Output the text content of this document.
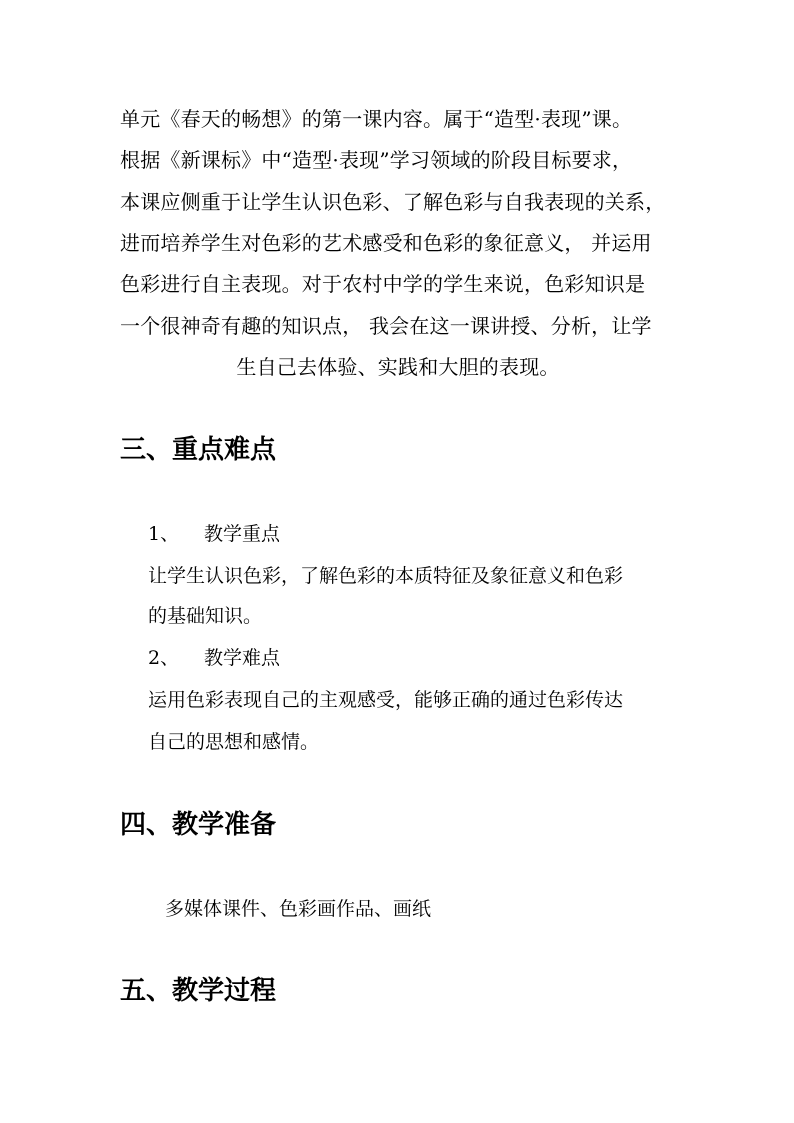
单元《春天的畅想》的第一课内容。属于“造型·表现”课。
根据《新课标》中“造型·表现”学习领域的阶段目标要求，
本课应侧重于让学生认识色彩、了解色彩与自我表现的关系，
进而培养学生对色彩的艺术感受和色彩的象征意义， 并运用
色彩进行自主表现。对于农村中学的学生来说，色彩知识是
一个很神奇有趣的知识点， 我会在这一课讲授、分析，让学
生自己去体验、实践和大胆的表现。
三、重点难点
1、 教学重点
让学生认识色彩，了解色彩的本质特征及象征意义和色彩
的基础知识。
2、 教学难点
运用色彩表现自己的主观感受，能够正确的通过色彩传达
自己的思想和感情。
四、教学准备
多媒体课件、色彩画作品、画纸
五、教学过程
